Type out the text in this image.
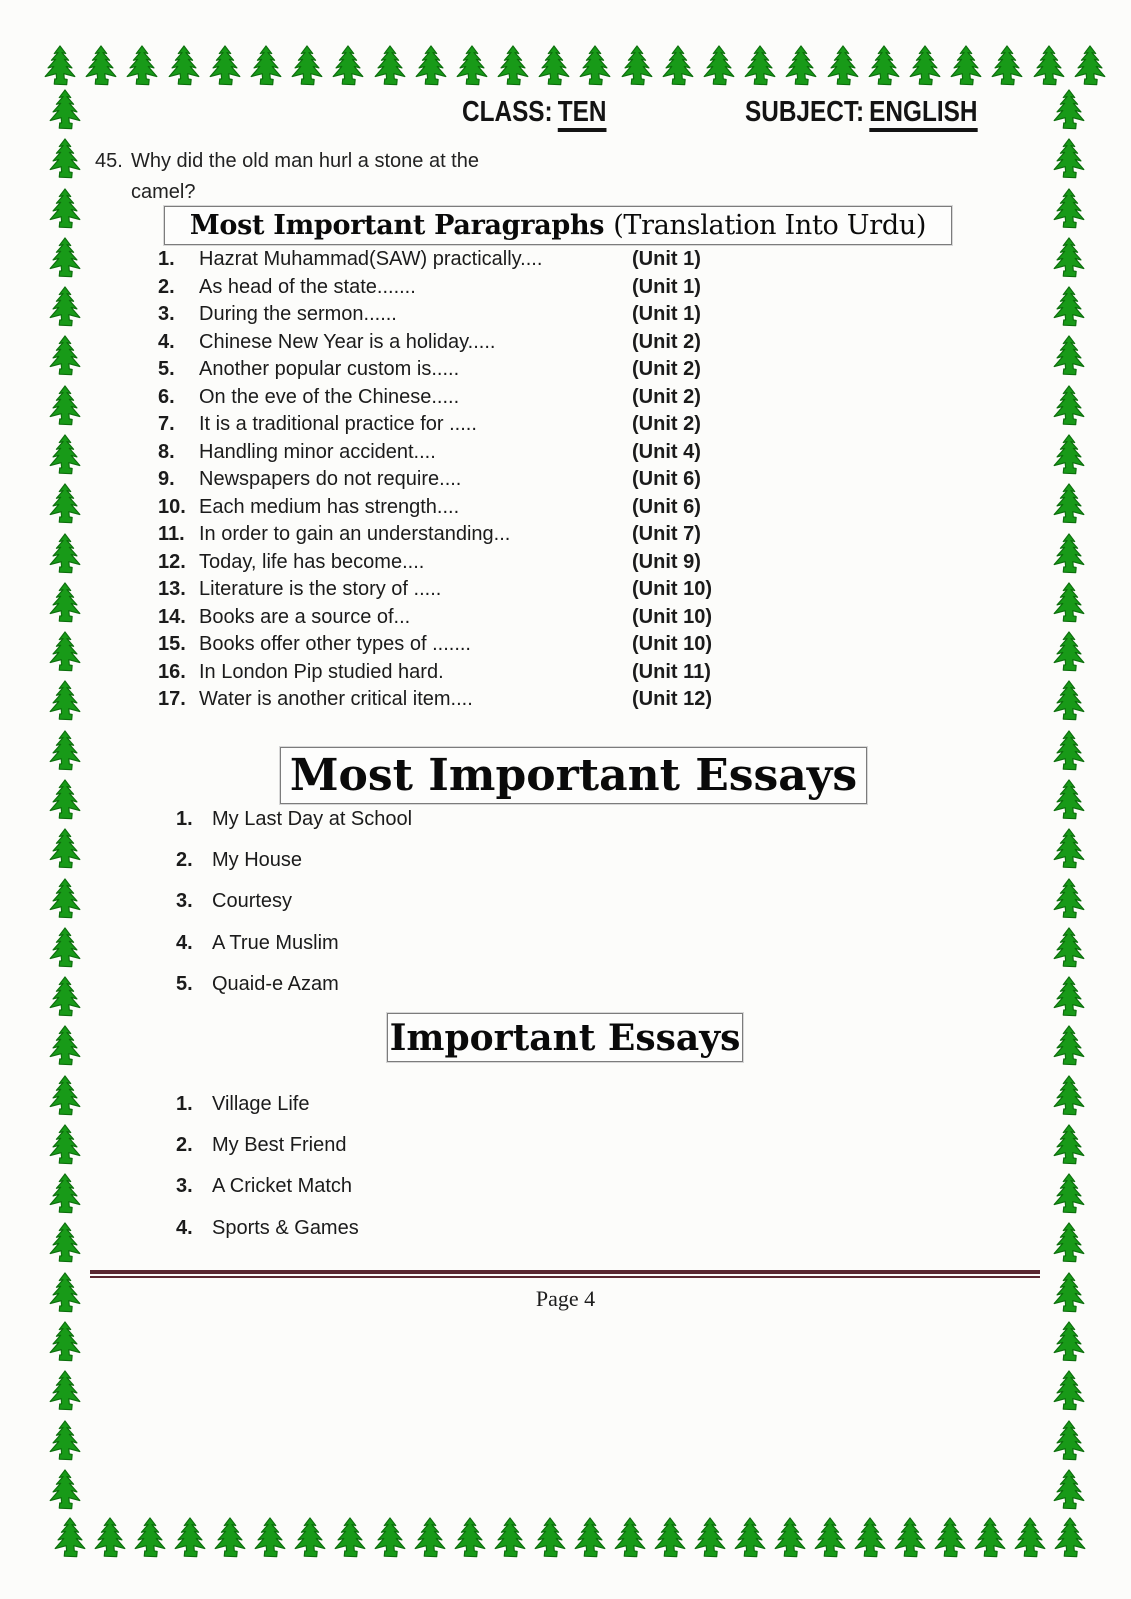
CLASS: TEN	SUBJECT: ENGLISH
45. Why did the old man hurl a stone at the
camel?
Most Important Paragraphs (Translation Into Urdu)
1.	Hazrat Muhammad(SAW) practically....	(Unit 1)
2.	As head of the state.......	(Unit 1)
3.	During the sermon......	(Unit 1)
4.	Chinese New Year is a holiday.....	(Unit 2)
5.	Another popular custom is.....	(Unit 2)
6.	On the eve of the Chinese.....	(Unit 2)
7.	It is a traditional practice for .....	(Unit 2)
8.	Handling minor accident....	(Unit 4)
9.	Newspapers do not require....	(Unit 6)
10. Each medium has strength....	(Unit 6)
11. In order to gain an understanding...	(Unit 7)
12. Today, life has become....	(Unit 9)
13. Literature is the story of .....	(Unit 10)
14. Books are a source of...	(Unit 10)
15. Books offer other types of .......	(Unit 10)
16. In London Pip studied hard.	(Unit 11)
17. Water is another critical item....	(Unit 12)
Most Important Essays
1. My Last Day at School
2. My House
3. Courtesy
4. A True Muslim
5. Quaid-e Azam
Important Essays
1. Village Life
2. My Best Friend
3. A Cricket Match
4. Sports & Games
Page 4
